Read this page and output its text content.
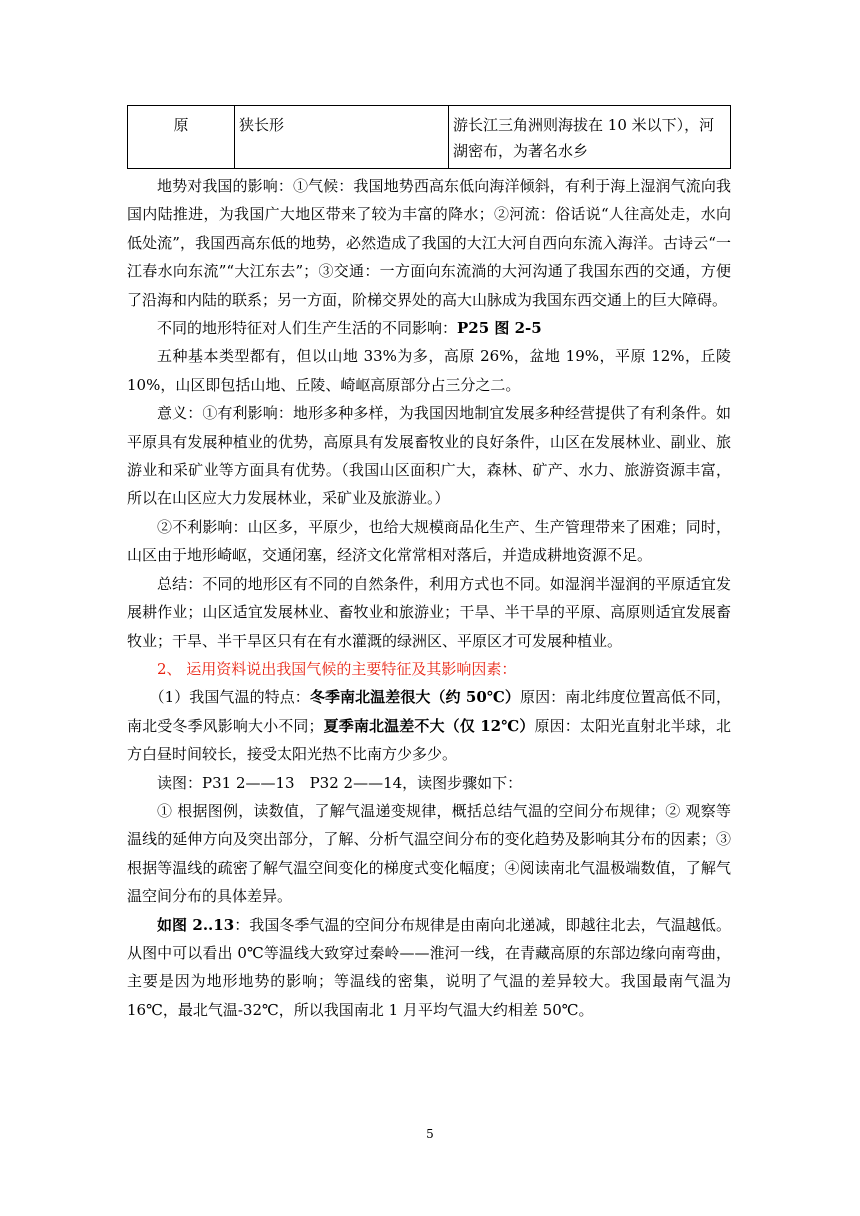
原	狭长形	游长江三角洲则海拔在 10 米以下），河湖密布，为著名水乡

地势对我国的影响：①气候：我国地势西高东低向海洋倾斜，有利于海上湿润气流向我国内陆推进，为我国广大地区带来了较为丰富的降水；②河流：俗话说“人往高处走，水向低处流”，我国西高东低的地势，必然造成了我国的大江大河自西向东流入海洋。古诗云“一江春水向东流”“大江东去”；③交通：一方面向东流淌的大河沟通了我国东西的交通，方便了沿海和内陆的联系；另一方面，阶梯交界处的高大山脉成为我国东西交通上的巨大障碍。

不同的地形特征对人们生产生活的不同影响：P25 图 2-5

五种基本类型都有，但以山地 33%为多，高原 26%，盆地 19%，平原 12%，丘陵 10%，山区即包括山地、丘陵、崎岖高原部分占三分之二。

意义：①有利影响：地形多种多样，为我国因地制宜发展多种经营提供了有利条件。如平原具有发展种植业的优势，高原具有发展畜牧业的良好条件，山区在发展林业、副业、旅游业和采矿业等方面具有优势。（我国山区面积广大，森林、矿产、水力、旅游资源丰富，所以在山区应大力发展林业，采矿业及旅游业。）

②不利影响：山区多，平原少，也给大规模商品化生产、生产管理带来了困难；同时，山区由于地形崎岖，交通闭塞，经济文化常常相对落后，并造成耕地资源不足。

总结：不同的地形区有不同的自然条件，利用方式也不同。如湿润半湿润的平原适宜发展耕作业；山区适宜发展林业、畜牧业和旅游业；干旱、半干旱的平原、高原则适宜发展畜牧业；干旱、半干旱区只有在有水灌溉的绿洲区、平原区才可发展种植业。

2、 运用资料说出我国气候的主要特征及其影响因素：

（1）我国气温的特点：冬季南北温差很大（约 50℃）原因：南北纬度位置高低不同，南北受冬季风影响大小不同；夏季南北温差不大（仅 12℃）原因：太阳光直射北半球，北方白昼时间较长，接受太阳光热不比南方少多少。

读图：P31 2——13　P32 2——14，读图步骤如下：

① 根据图例，读数值，了解气温递变规律，概括总结气温的空间分布规律；② 观察等温线的延伸方向及突出部分，了解、分析气温空间分布的变化趋势及影响其分布的因素；③ 根据等温线的疏密了解气温空间变化的梯度式变化幅度；④阅读南北气温极端数值，了解气温空间分布的具体差异。

如图 2..13：我国冬季气温的空间分布规律是由南向北递减，即越往北去，气温越低。从图中可以看出 0℃等温线大致穿过秦岭——淮河一线，在青藏高原的东部边缘向南弯曲，主要是因为地形地势的影响；等温线的密集，说明了气温的差异较大。我国最南气温为 16℃，最北气温-32℃，所以我国南北 1 月平均气温大约相差 50℃。

5
